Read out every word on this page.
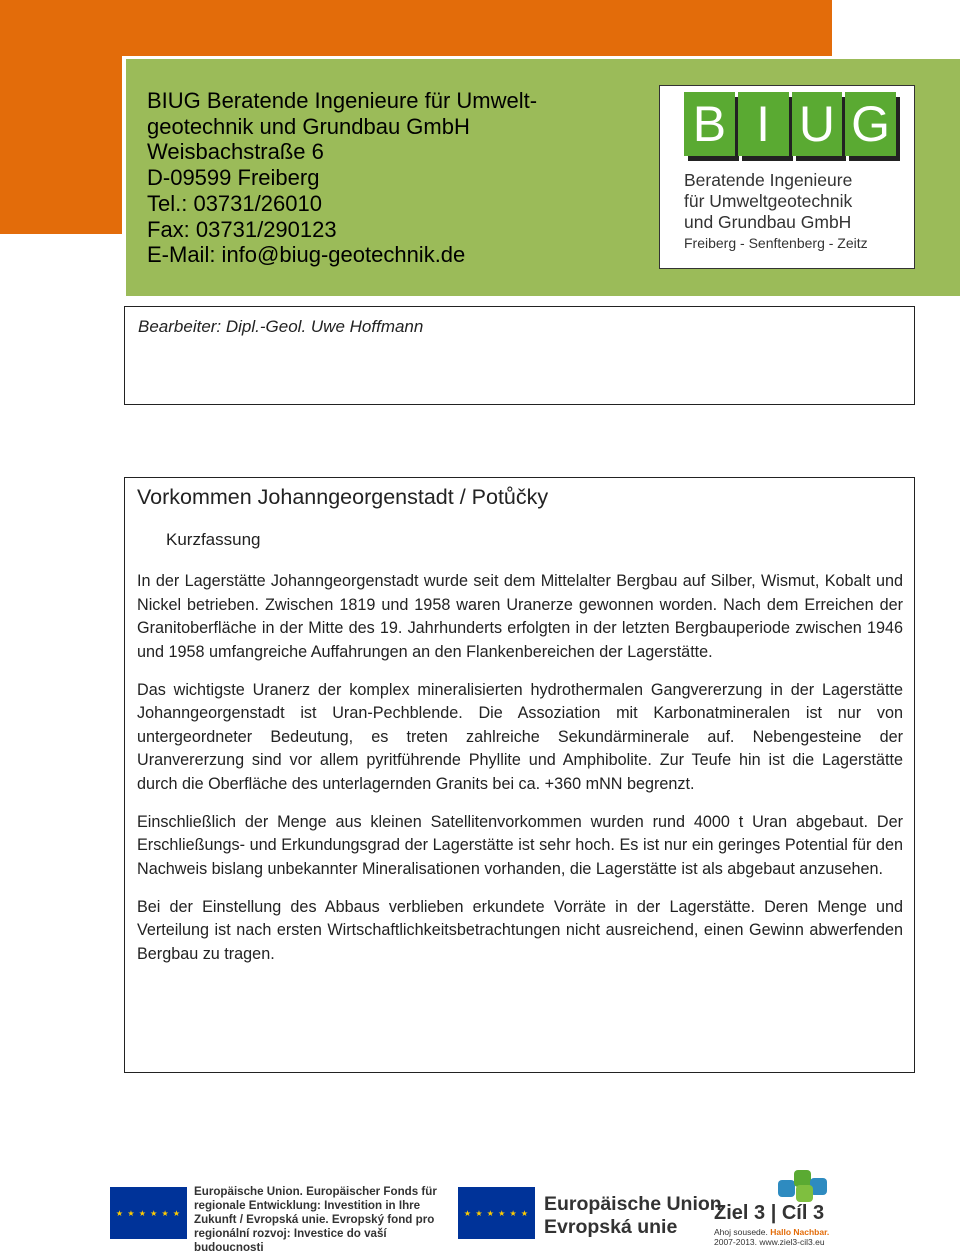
BIUG Beratende Ingenieure für Umwelt-
geotechnik und Grundbau GmbH
Weisbachstraße 6
D-09599 Freiberg
Tel.: 03731/26010
Fax: 03731/290123
E-Mail: info@biug-geotechnik.de
B I U G
Beratende Ingenieure
für Umweltgeotechnik
und Grundbau GmbH
Freiberg - Senftenberg - Zeitz
Bearbeiter: Dipl.-Geol. Uwe Hoffmann
Vorkommen Johanngeorgenstadt / Potůčky
Kurzfassung

In der Lagerstätte Johanngeorgenstadt wurde seit dem Mittelalter Bergbau auf Silber, Wismut, Kobalt und Nickel betrieben. Zwischen 1819 und 1958 waren Uranerze gewonnen worden. Nach dem Erreichen der Granitoberfläche in der Mitte des 19. Jahrhunderts erfolgten in der letzten Bergbauperiode zwischen 1946 und 1958 umfangreiche Auffahrungen an den Flankenbereichen der Lagerstätte.

Das wichtigste Uranerz der komplex mineralisierten hydrothermalen Gangvererzung in der Lagerstätte Johanngeorgenstadt ist Uran-Pechblende. Die Assoziation mit Karbonatmineralen ist nur von untergeordneter Bedeutung, es treten zahlreiche Sekundärminerale auf. Nebengesteine der Uranvererzung sind vor allem pyritführende Phyllite und Amphibolite. Zur Teufe hin ist die Lagerstätte durch die Oberfläche des unterlagernden Granits bei ca. +360 mNN begrenzt.

Einschließlich der Menge aus kleinen Satellitenvorkommen wurden rund 4000 t Uran abgebaut. Der Erschließungs- und Erkundungsgrad der Lagerstätte ist sehr hoch. Es ist nur ein geringes Potential für den Nachweis bislang unbekannter Mineralisationen vorhanden, die Lagerstätte ist als abgebaut anzusehen.

Bei der Einstellung des Abbaus verblieben erkundete Vorräte in der Lagerstätte. Deren Menge und Verteilung ist nach ersten Wirtschaftlichkeitsbetrachtungen nicht ausreichend, einen Gewinn abwerfenden Bergbau zu tragen.

★ ★ ★ ★ ★ ★
Europäische Union. Europäischer Fonds für
regionale Entwicklung: Investition in Ihre
Zukunft / Evropská unie. Evropský fond pro
regionální rozvoj: Investice do vaší budoucnosti
★ ★ ★ ★ ★ ★ Europäische Union
Evropská unie
Ziel 3 | Cíl 3
Ahoj sousede. Hallo Nachbar.
2007-2013. www.ziel3-cil3.eu
